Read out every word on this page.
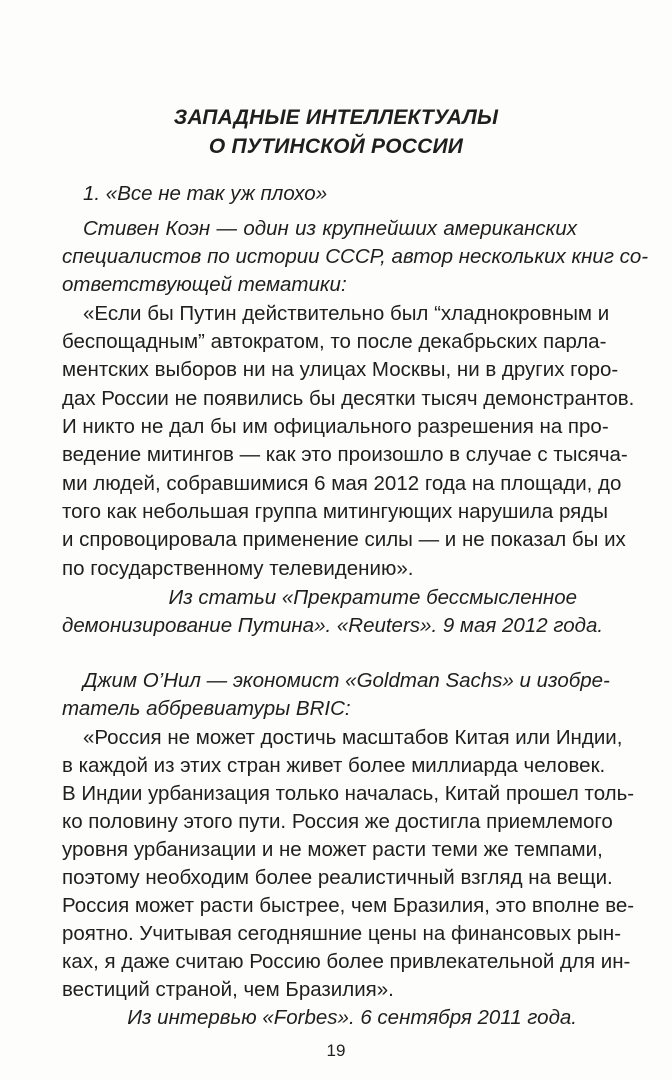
ЗАПАДНЫЕ ИНТЕЛЛЕКТУАЛЫ
О ПУТИНСКОЙ РОССИИ
1. «Все не так уж плохо»
Стивен Коэн — один из крупнейших американских
специалистов по истории СССР, автор нескольких книг со-
ответствующей тематики:
«Если бы Путин действительно был “хладнокровным и
беспощадным” автократом, то после декабрьских парла-
ментских выборов ни на улицах Москвы, ни в других горо-
дах России не появились бы десятки тысяч демонстрантов.
И никто не дал бы им официального разрешения на про-
ведение митингов — как это произошло в случае с тысяча-
ми людей, собравшимися 6 мая 2012 года на площади, до
того как небольшая группа митингующих нарушила ряды
и спровоцировала применение силы — и не показал бы их
по государственному телевидению».
Из статьи «Прекратите бессмысленное
демонизирование Путина». «Reuters». 9 мая 2012 года.
Джим О’Нил — экономист «Goldman Sachs» и изобре-
татель аббревиатуры BRIC:
«Россия не может достичь масштабов Китая или Индии,
в каждой из этих стран живет более миллиарда человек.
В Индии урбанизация только началась, Китай прошел толь-
ко половину этого пути. Россия же достигла приемлемого
уровня урбанизации и не может расти теми же темпами,
поэтому необходим более реалистичный взгляд на вещи.
Россия может расти быстрее, чем Бразилия, это вполне ве-
роятно. Учитывая сегодняшние цены на финансовых рын-
ках, я даже считаю Россию более привлекательной для ин-
вестиций страной, чем Бразилия».
Из интервью «Forbes». 6 сентября 2011 года.
19
